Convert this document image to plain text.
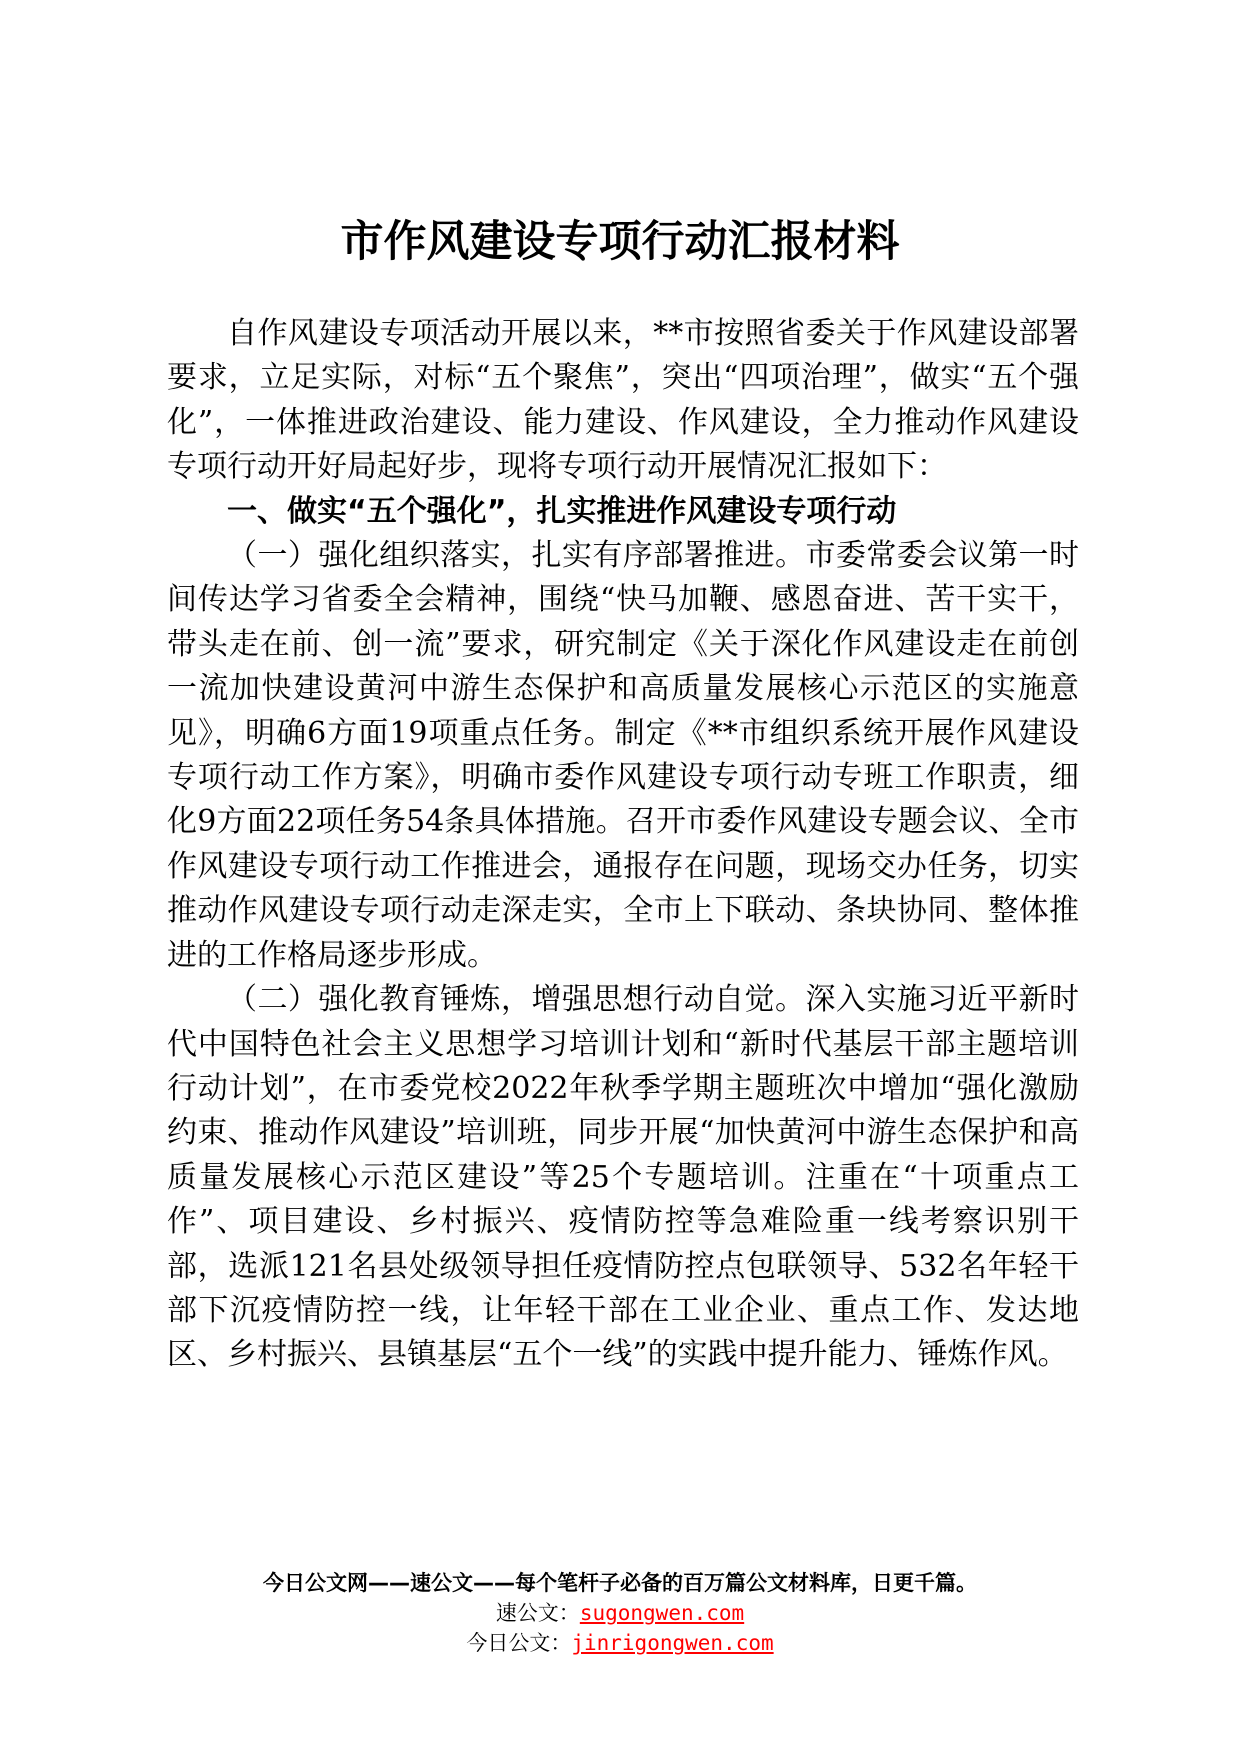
市作风建设专项行动汇报材料

自作风建设专项活动开展以来，**市按照省委关于作风建设部署要求，立足实际，对标“五个聚焦”，突出“四项治理”，做实“五个强化”，一体推进政治建设、能力建设、作风建设，全力推动作风建设专项行动开好局起好步，现将专项行动开展情况汇报如下：

一、做实“五个强化”，扎实推进作风建设专项行动

（一）强化组织落实，扎实有序部署推进。市委常委会议第一时间传达学习省委全会精神，围绕“快马加鞭、感恩奋进、苦干实干，带头走在前、创一流”要求，研究制定《关于深化作风建设走在前创一流加快建设黄河中游生态保护和高质量发展核心示范区的实施意见》，明确6方面19项重点任务。制定《**市组织系统开展作风建设专项行动工作方案》，明确市委作风建设专项行动专班工作职责，细化9方面22项任务54条具体措施。召开市委作风建设专题会议、全市作风建设专项行动工作推进会，通报存在问题，现场交办任务，切实推动作风建设专项行动走深走实，全市上下联动、条块协同、整体推进的工作格局逐步形成。

（二）强化教育锤炼，增强思想行动自觉。深入实施习近平新时代中国特色社会主义思想学习培训计划和“新时代基层干部主题培训行动计划”，在市委党校2022年秋季学期主题班次中增加“强化激励约束、推动作风建设”培训班，同步开展“加快黄河中游生态保护和高质量发展核心示范区建设”等25个专题培训。注重在“十项重点工作”、项目建设、乡村振兴、疫情防控等急难险重一线考察识别干部，选派121名县处级领导担任疫情防控点包联领导、532名年轻干部下沉疫情防控一线，让年轻干部在工业企业、重点工作、发达地区、乡村振兴、县镇基层“五个一线”的实践中提升能力、锤炼作风。

今日公文网——速公文——每个笔杆子必备的百万篇公文材料库，日更千篇。
速公文：sugongwen.com
今日公文：jinrigongwen.com
